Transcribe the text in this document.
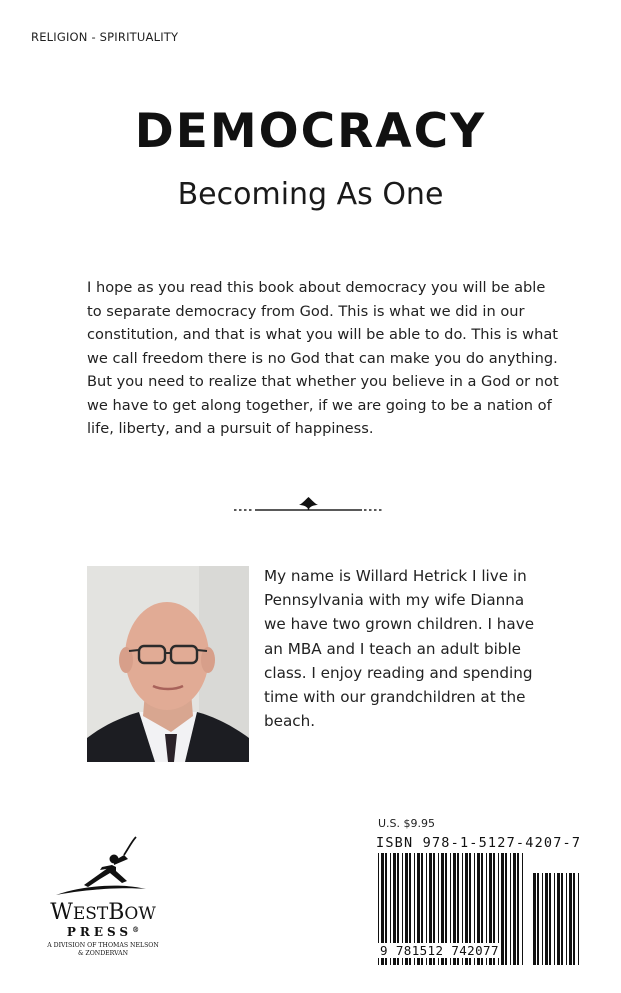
RELIGION - SPIRITUALITY
DEMOCRACY
Becoming As One

I hope as you read this book about democracy you will be able to separate democracy from God. This is what we did in our constitution, and that is what you will be able to do. This is what we call freedom there is no God that can make you do anything. But you need to realize that whether you believe in a God or not we have to get along together, if we are going to be a nation of life, liberty, and a pursuit of happiness.

My name is Willard Hetrick I live in Pennsylvania with my wife Dianna we have two grown children. I have an MBA and I teach an adult bible class. I enjoy reading and spending time with our grandchildren at the beach.

WESTBOW
PRESS®
A DIVISION OF THOMAS NELSON
& ZONDERVAN
U.S. $9.95
ISBN 978-1-5127-4207-7
9 781512 742077
